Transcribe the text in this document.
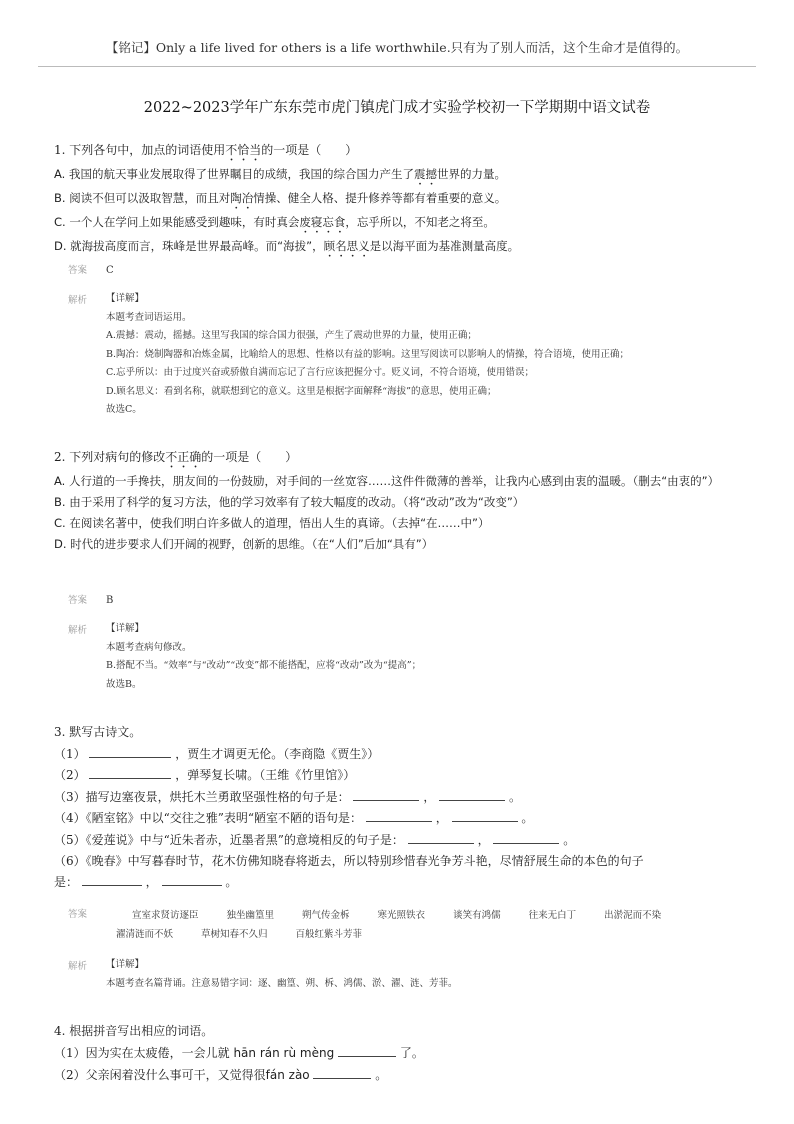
【铭记】Only a life lived for others is a life worthwhile.只有为了别人而活，这个生命才是值得的。
2022~2023学年广东东莞市虎门镇虎门成才实验学校初一下学期期中语文试卷
1. 下列各句中，加点的词语使用不恰当的一项是（　　）
A. 我国的航天事业发展取得了世界瞩目的成绩，我国的综合国力产生了震撼世界的力量。
B. 阅读不但可以汲取智慧，而且对陶冶情操、健全人格、提升修养等都有着重要的意义。
C. 一个人在学问上如果能感受到趣味，有时真会废寝忘食，忘乎所以，不知老之将至。
D. 就海拔高度而言，珠峰是世界最高峰。而“海拔”，顾名思义是以海平面为基准测量高度。
答案 C
解析 【详解】
本题考查词语运用。
A.震撼：震动，摇撼。这里写我国的综合国力很强，产生了震动世界的力量，使用正确；
B.陶冶：烧制陶器和冶炼金属，比喻给人的思想、性格以有益的影响。这里写阅读可以影响人的情操，符合语境，使用正确；
C.忘乎所以：由于过度兴奋或骄傲自满而忘记了言行应该把握分寸。贬义词，不符合语境，使用错误；
D.顾名思义：看到名称，就联想到它的意义。这里是根据字面解释“海拔”的意思，使用正确；
故选C。
2. 下列对病句的修改不正确的一项是（　　）
A. 人行道的一手搀扶，朋友间的一份鼓励，对手间的一丝宽容……这件件微薄的善举，让我内心感到由衷的温暖。（删去“由衷的”）
B. 由于采用了科学的复习方法，他的学习效率有了较大幅度的改动。（将“改动”改为“改变”）
C. 在阅读名著中，使我们明白许多做人的道理，悟出人生的真谛。（去掉“在……中”）
D. 时代的进步要求人们开阔的视野，创新的思维。（在“人们”后加“具有”）
答案 B
解析 【详解】
本题考查病句修改。
B.搭配不当。“效率”与“改动”“改变”都不能搭配，应将“改动”改为“提高”；
故选B。
3. 默写古诗文。
（1）	，贾生才调更无伦。（李商隐《贾生》）
（2）	，弹琴复长啸。（王维《竹里馆》）
（3）描写边塞夜景，烘托木兰勇敢坚强性格的句子是：	，	。
（4）《陋室铭》中以“交往之雅”表明“陋室不陋的语句是：	，	。
（5）《爱莲说》中与“近朱者赤，近墨者黑”的意境相反的句子是：	，	。
（6）《晚春》中写暮春时节，花木仿佛知晓春将逝去，所以特别珍惜春光争芳斗艳，尽情舒展生命的本色的句子
是：	，	。
答案	宣室求贤访逐臣	独坐幽篁里	朔气传金柝	寒光照铁衣	谈笑有鸿儒	往来无白丁	出淤泥而不染
濯清涟而不妖	草树知春不久归	百般红紫斗芳菲
解析 【详解】
本题考查名篇背诵。注意易错字词：逐、幽篁、朔、柝、鸿儒、淤、濯、涟、芳菲。
4. 根据拼音写出相应的词语。
（1）因为实在太疲倦，一会儿就 hān rán rù mèng	了。
（2）父亲闲着没什么事可干，又觉得很fán zào	。
